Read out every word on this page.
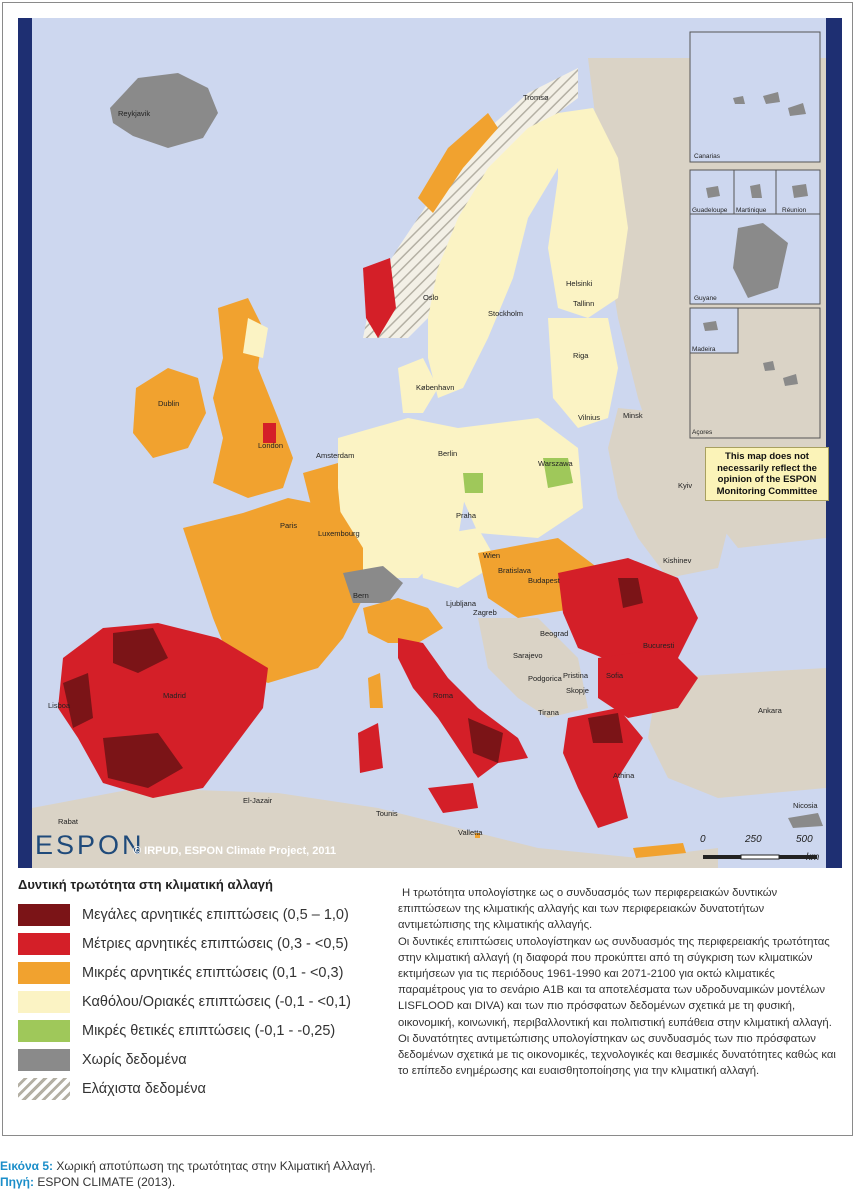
Reykjavik
Tromsø
Tallinn
Helsinki
Stockholm
Oslo
Riga
København
Vilnius	Minsk
Dublin
London
Amsterdam	Berlin
Warszawa
Kyiv
Praha
Paris
Luxembourg
Wien
Bratislava
Budapest
Kishinev
Bern
Ljubljana
Zagreb
Beograd
Sarajevo
Bucuresti
Podgorica Pristina Sofia
Skopje
Tirana
Lisboa
Madrid	Roma
Ankara
Athina
El-Jazair
Tounis
Valletta
Nicosia
Rabat
Canarias
Guadeloupe Martinique Réunion
Guyane
Madeira
Açores
This map does not necessarily reflect the opinion of the ESPON Monitoring Committee
ESPON
© IRPUD, ESPON Climate Project, 2011
0	250	500
km
Δυντική τρωτότητα στη κλιματική αλλαγή
Μεγάλες αρνητικές επιπτώσεις (0,5 – 1,0)
Μέτριες αρνητικές επιπτώσεις (0,3 - <0,5)
Μικρές αρνητικές επιπτώσεις (0,1 - <0,3)
Καθόλου/Οριακές επιπτώσεις (-0,1 - <0,1)
Μικρές θετικές επιπτώσεις (-0,1 - -0,25)
Χωρίς δεδομένα
Ελάχιστα δεδομένα

Η τρωτότητα υπολογίστηκε ως ο συνδυασμός των περιφερειακών δυντικών επιπτώσεων της κλιματικής αλλαγής και των περιφερειακών δυνατοτήτων αντιμετώπισης της κλιματικής αλλαγής.

Οι δυντικές επιπτώσεις υπολογίστηκαν ως συνδυασμός της περιφερειακής τρωτότητας στην κλιματική αλλαγή (η διαφορά που προκύπτει από τη σύγκριση των κλιματικών εκτιμήσεων για τις περιόδους 1961-1990 και 2071-2100 για οκτώ κλιματικές παραμέτρους για το σενάριο A1B και τα αποτελέσματα των υδροδυναμικών μοντέλων LISFLOOD και DIVA) και των πιο πρόσφατων δεδομένων σχετικά με τη φυσική, οικονομική, κοινωνική, περιβαλλοντική και πολιτιστική ευπάθεια στην κλιματική αλλαγή. Οι δυνατότητες αντιμετώπισης υπολογίστηκαν ως συνδυασμός των πιο πρόσφατων δεδομένων σχετικά με τις οικονομικές, τεχνολογικές και θεσμικές δυνατότητες καθώς και το επίπεδο ενημέρωσης και ευαισθητοποίησης για την κλιματική αλλαγή.

Εικόνα 5: Χωρική αποτύπωση της τρωτότητας στην Κλιματική Αλλαγή.
Πηγή: ESPON CLIMATE (2013).
